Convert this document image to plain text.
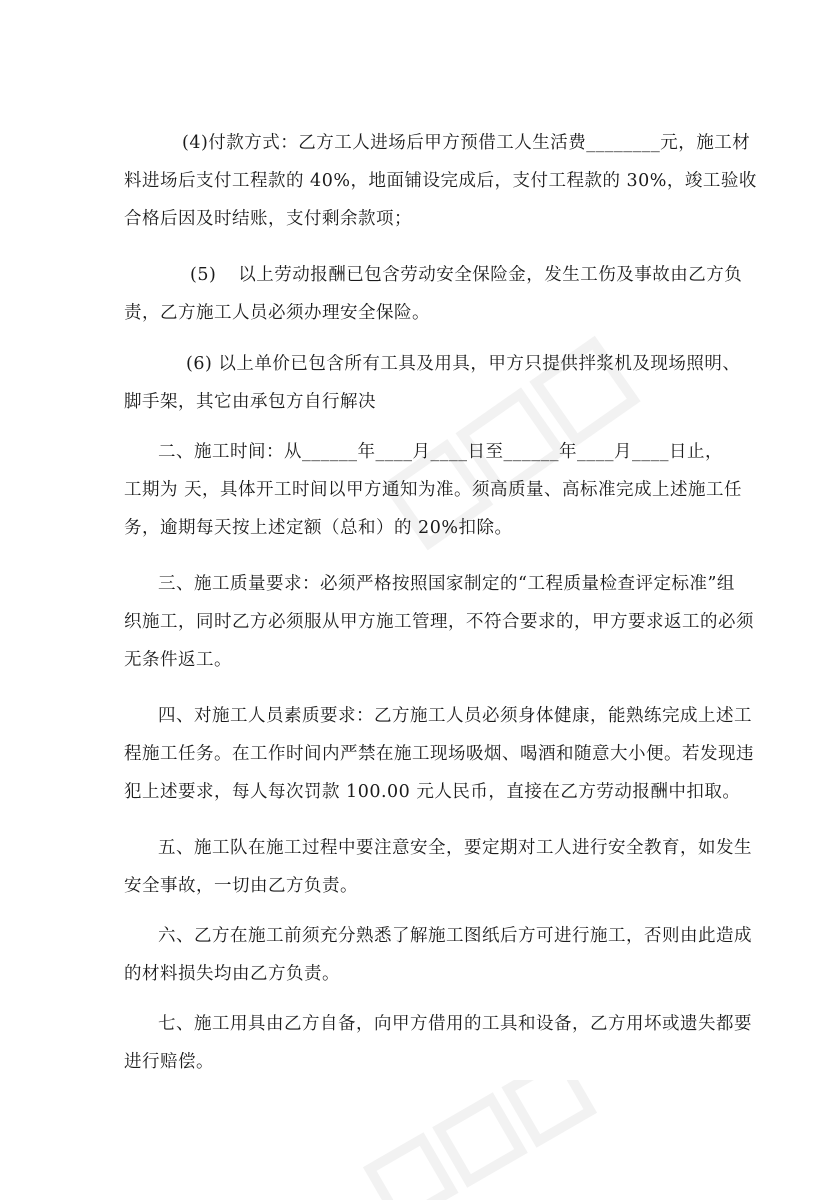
(4)付款方式：乙方工人进场后甲方预借工人生活费________元，施工材
料进场后支付工程款的 40%，地面铺设完成后，支付工程款的 30%，竣工验收
合格后因及时结账，支付剩余款项；
(5) 以上劳动报酬已包含劳动安全保险金，发生工伤及事故由乙方负
责，乙方施工人员必须办理安全保险。
(6) 以上单价已包含所有工具及用具，甲方只提供拌浆机及现场照明、
脚手架，其它由承包方自行解决
二、施工时间：从______年____月____日至______年____月____日止，
工期为 天，具体开工时间以甲方通知为准。须高质量、高标准完成上述施工任
务，逾期每天按上述定额（总和）的 20%扣除。
三、施工质量要求：必须严格按照国家制定的“工程质量检查评定标准”组
织施工，同时乙方必须服从甲方施工管理，不符合要求的，甲方要求返工的必须
无条件返工。
四、对施工人员素质要求：乙方施工人员必须身体健康，能熟练完成上述工
程施工任务。在工作时间内严禁在施工现场吸烟、喝酒和随意大小便。若发现违
犯上述要求，每人每次罚款 100.00 元人民币，直接在乙方劳动报酬中扣取。
五、施工队在施工过程中要注意安全，要定期对工人进行安全教育，如发生
安全事故，一切由乙方负责。
六、乙方在施工前须充分熟悉了解施工图纸后方可进行施工，否则由此造成
的材料损失均由乙方负责。
七、施工用具由乙方自备，向甲方借用的工具和设备，乙方用坏或遗失都要
进行赔偿。
